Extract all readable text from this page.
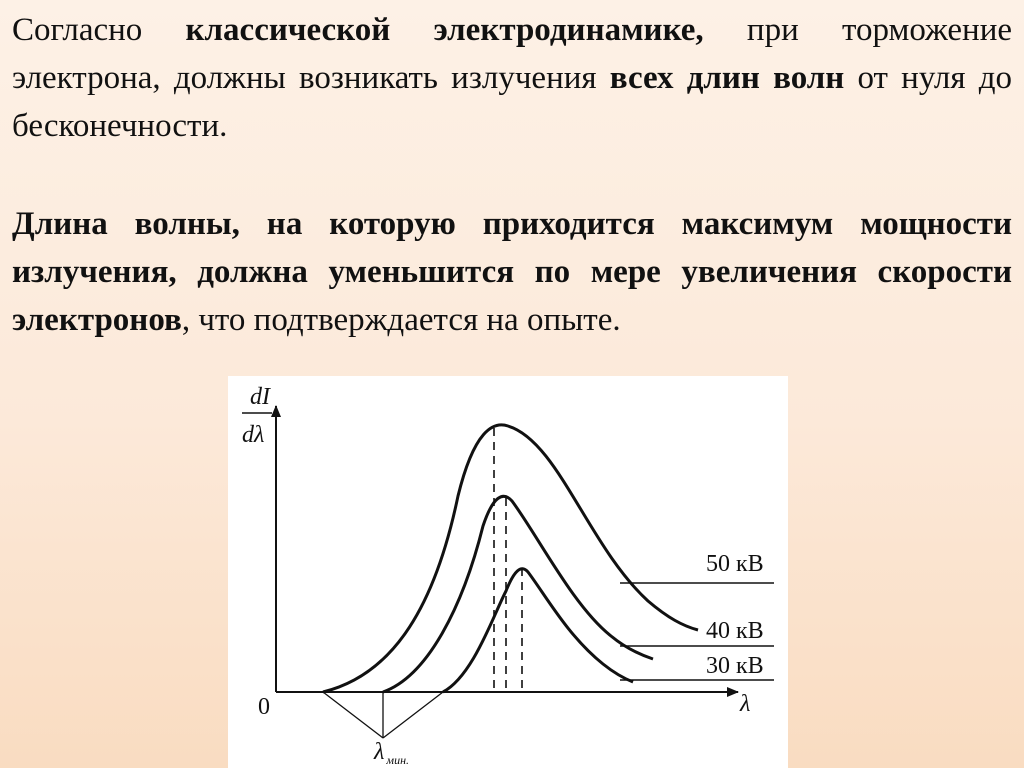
Согласно классической электродинамике, при торможение электрона, должны возникать излучения всех длин волн от нуля до бесконечности.

Длина волны, на которую приходится максимум мощности излучения, должна уменьшится по мере увеличения скорости электронов, что подтверждается на опыте.

dI
dλ
0	λ
50 кВ
40 кВ
30 кВ
λ $_{мин.}$
